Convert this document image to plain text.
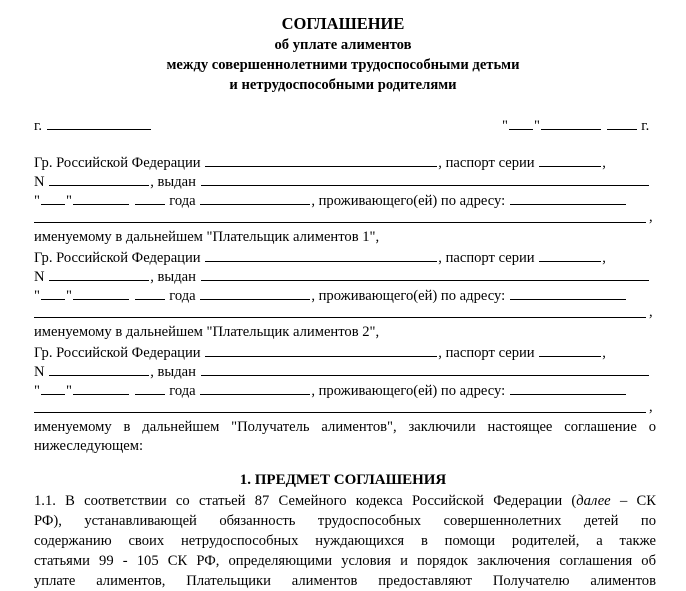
СОГЛАШЕНИЕ
об уплате алиментов
между совершеннолетними трудоспособными детьми
и нетрудоспособными родителями
г.	" "	г.
Гр. Российской Федерации	, паспорт серии	,
N	, выдан
" "	года	, проживающего(ей) по адресу:
,
именуемому в дальнейшем "Плательщик алиментов 1",
Гр. Российской Федерации	, паспорт серии	,
N	, выдан
" "	года	, проживающего(ей) по адресу:
,
именуемому в дальнейшем "Плательщик алиментов 2",
Гр. Российской Федерации	, паспорт серии	,
N	, выдан
" "	года	, проживающего(ей) по адресу:
,
именуемому в дальнейшем "Получатель алиментов", заключили настоящее соглашение о
нижеследующем:
1. ПРЕДМЕТ СОГЛАШЕНИЯ
1.1. В соответствии со статьей 87 Семейного кодекса Российской Федерации (далее – СК
РФ), устанавливающей обязанность трудоспособных совершеннолетних детей по
содержанию своих нетрудоспособных нуждающихся в помощи родителей, а также
статьями 99 - 105 СК РФ, определяющими условия и порядок заключения соглашения об
уплате алиментов, Плательщики алиментов предоставляют Получателю алиментов
